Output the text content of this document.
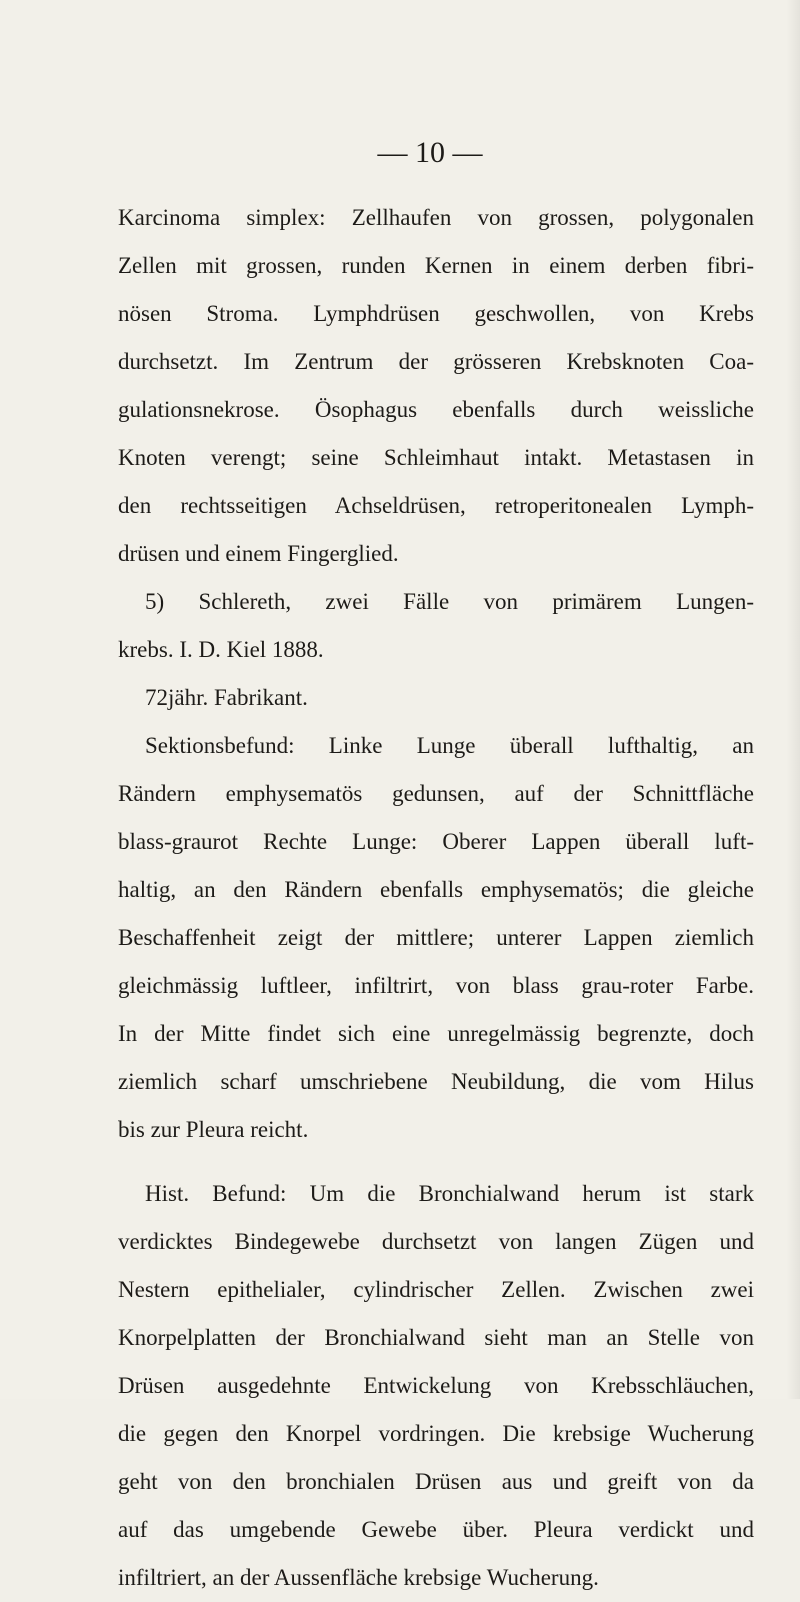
— 10 —
Karcinoma simplex: Zellhaufen von grossen, polygonalen
Zellen mit grossen, runden Kernen in einem derben fibri-
nösen Stroma. Lymphdrüsen geschwollen, von Krebs
durchsetzt. Im Zentrum der grösseren Krebsknoten Coa-
gulationsnekrose. Ösophagus ebenfalls durch weissliche
Knoten verengt; seine Schleimhaut intakt. Metastasen in
den rechtsseitigen Achseldrüsen, retroperitonealen Lymph-
drüsen und einem Fingerglied.
5) Schlereth, zwei Fälle von primärem Lungen-
krebs. I. D. Kiel 1888.
72jähr. Fabrikant.
Sektionsbefund: Linke Lunge überall lufthaltig, an
Rändern emphysematös gedunsen, auf der Schnittfläche
blass-graurot Rechte Lunge: Oberer Lappen überall luft-
haltig, an den Rändern ebenfalls emphysematös; die gleiche
Beschaffenheit zeigt der mittlere; unterer Lappen ziemlich
gleichmässig luftleer, infiltrirt, von blass grau-roter Farbe.
In der Mitte findet sich eine unregelmässig begrenzte, doch
ziemlich scharf umschriebene Neubildung, die vom Hilus
bis zur Pleura reicht.
Hist. Befund: Um die Bronchialwand herum ist stark
verdicktes Bindegewebe durchsetzt von langen Zügen und
Nestern epithelialer, cylindrischer Zellen. Zwischen zwei
Knorpelplatten der Bronchialwand sieht man an Stelle von
Drüsen ausgedehnte Entwickelung von Krebsschläuchen,
die gegen den Knorpel vordringen. Die krebsige Wucherung
geht von den bronchialen Drüsen aus und greift von da
auf das umgebende Gewebe über. Pleura verdickt und
infiltriert, an der Aussenfläche krebsige Wucherung.
